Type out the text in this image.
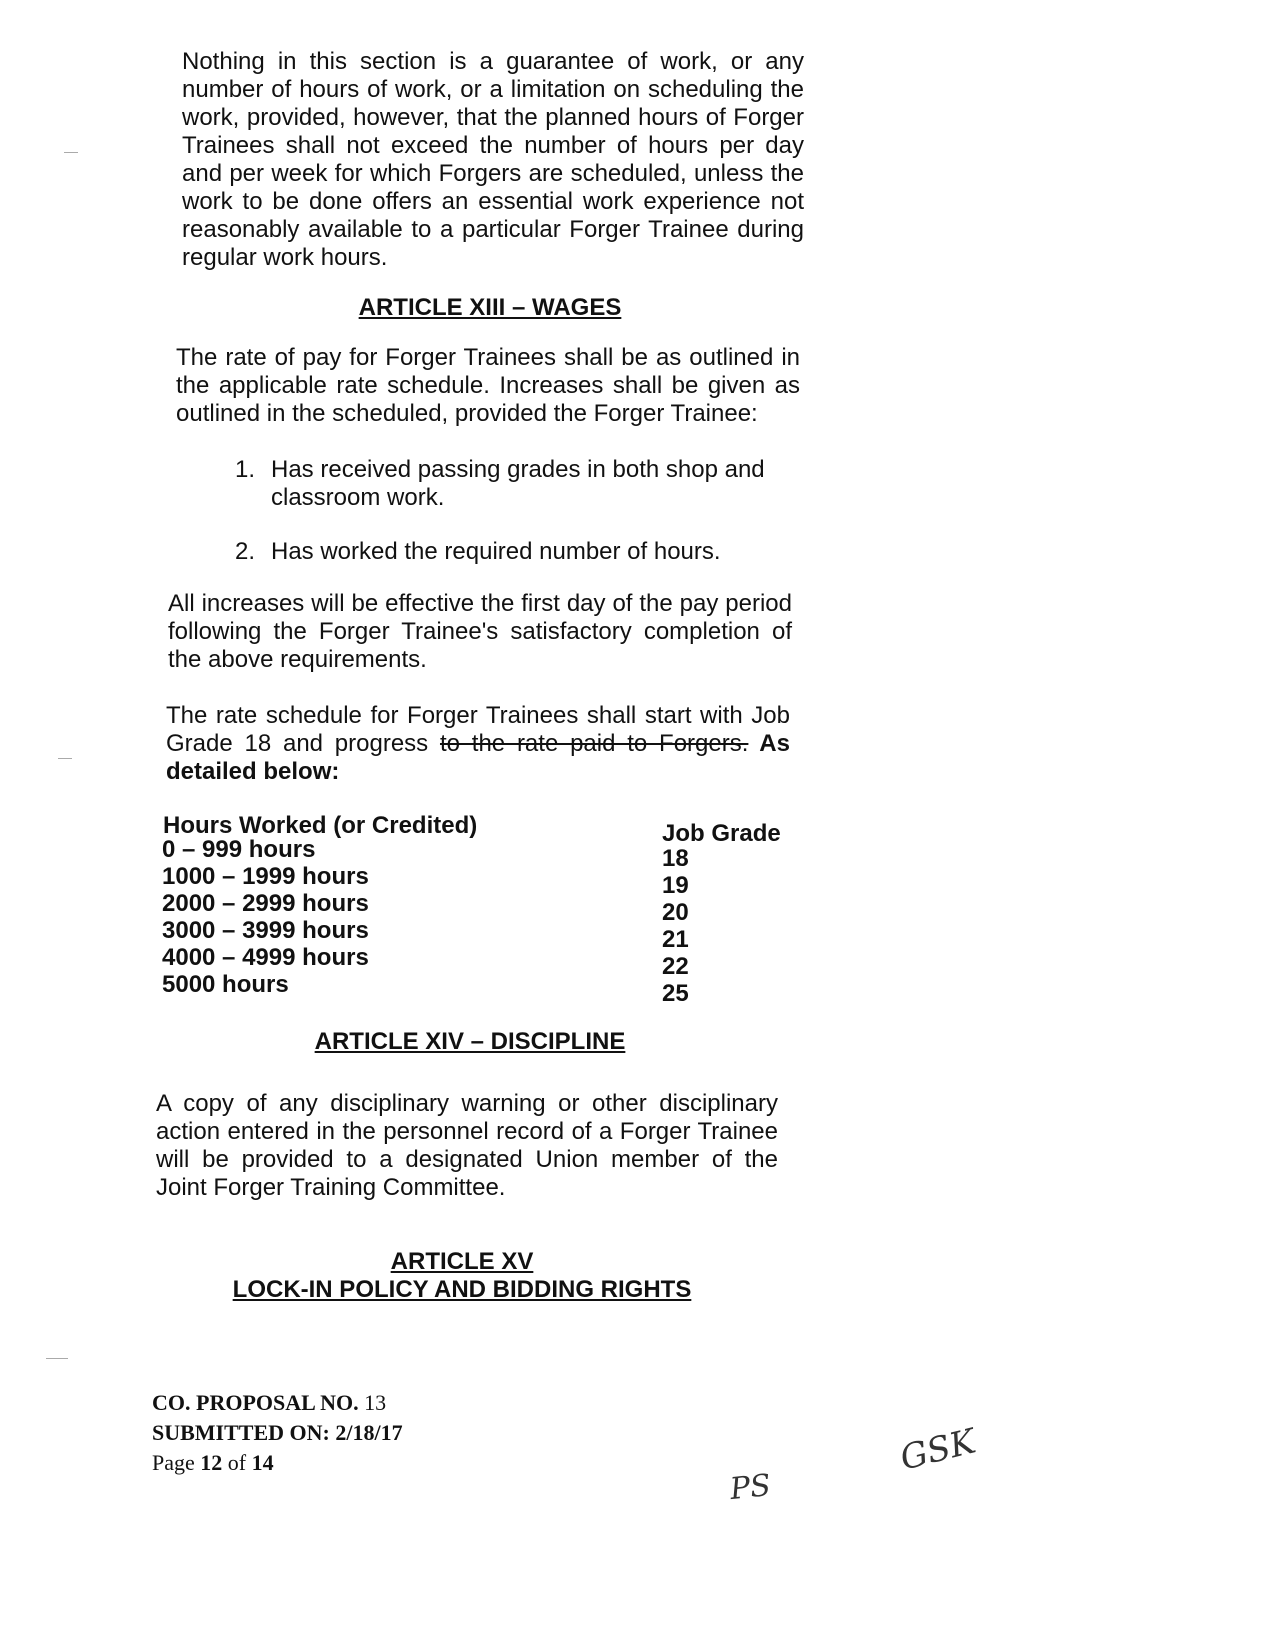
Nothing in this section is a guarantee of work, or any number of hours of work, or a limitation on scheduling the work, provided, however, that the planned hours of Forger Trainees shall not exceed the number of hours per day and per week for which Forgers are scheduled, unless the work to be done offers an essential work experience not reasonably available to a particular Forger Trainee during regular work hours.

ARTICLE XIII – WAGES

The rate of pay for Forger Trainees shall be as outlined in the applicable rate schedule. Increases shall be given as outlined in the scheduled, provided the Forger Trainee:

1. Has received passing grades in both shop and
classroom work.
2. Has worked the required number of hours.

All increases will be effective the first day of the pay period following the Forger Trainee's satisfactory completion of the above requirements.

The rate schedule for Forger Trainees shall start with Job Grade 18 and progress to the rate paid to Forgers. As detailed below:

Hours Worked (or Credited)	Job Grade
0 – 999 hours
1000 – 1999 hours
2000 – 2999 hours
3000 – 3999 hours
4000 – 4999 hours
5000 hours
18
19
20
21
22
25
ARTICLE XIV – DISCIPLINE

A copy of any disciplinary warning or other disciplinary action entered in the personnel record of a Forger Trainee will be provided to a designated Union member of the Joint Forger Training Committee.

ARTICLE XV
LOCK-IN POLICY AND BIDDING RIGHTS
CO. PROPOSAL NO. 13
SUBMITTED ON: 2/18/17
Page 12 of 14
PS
GSK
